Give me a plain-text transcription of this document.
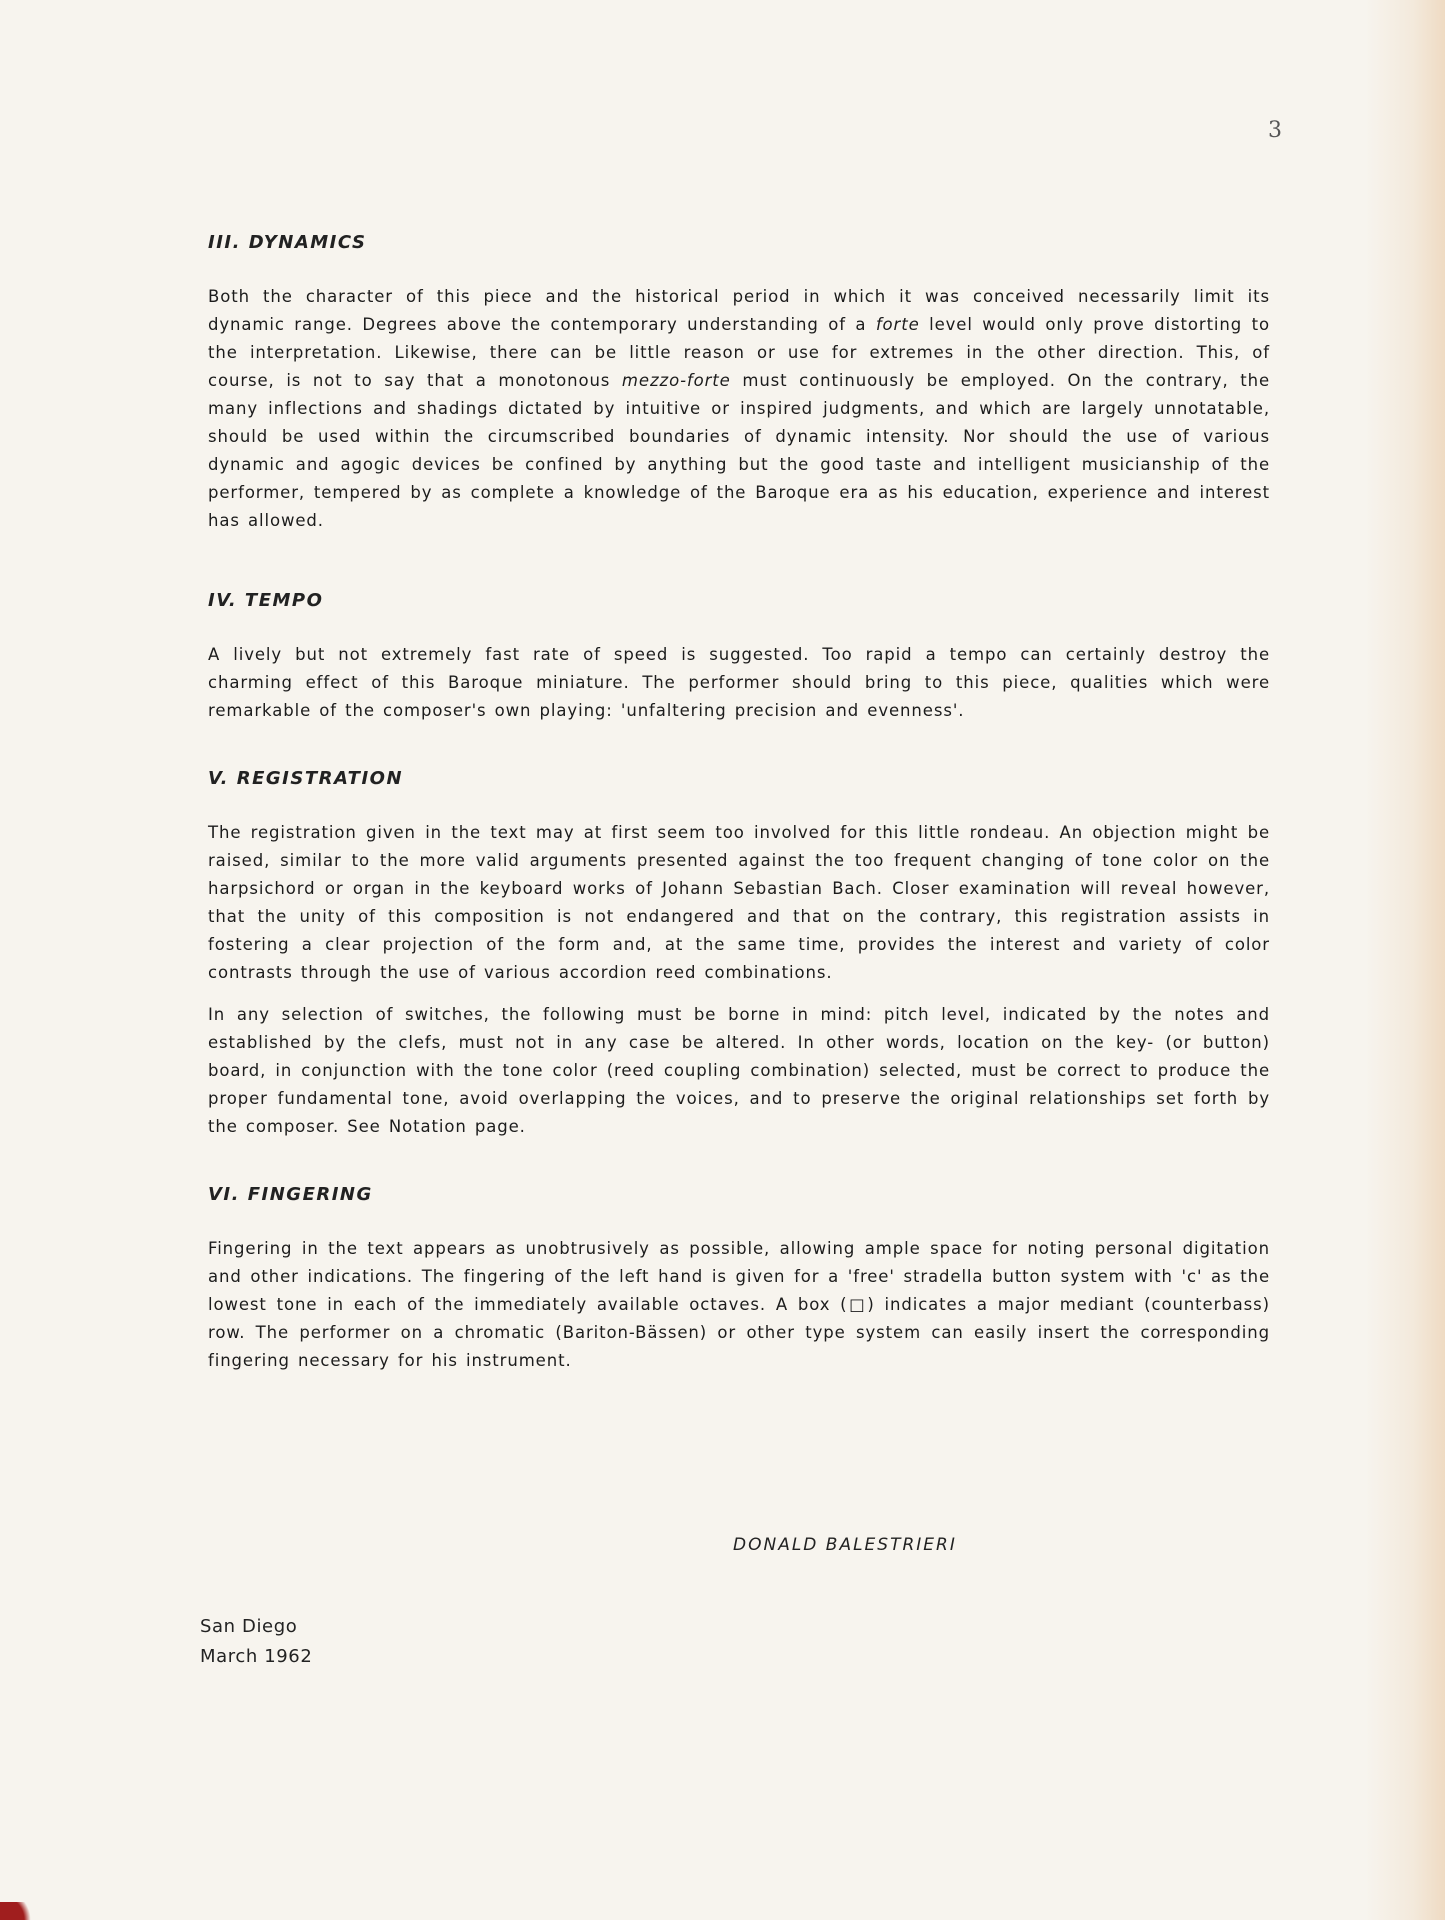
3
III. DYNAMICS

Both the character of this piece and the historical period in which it was conceived necessarily limit its dynamic range. Degrees above the contemporary understanding of a forte level would only prove distorting to the interpretation. Likewise, there can be little reason or use for extremes in the other direction. This, of course, is not to say that a monotonous mezzo-forte must continuously be employed. On the contrary, the many inflections and shadings dictated by intuitive or inspired judgments, and which are largely unnotatable, should be used within the circumscribed boundaries of dynamic intensity. Nor should the use of various dynamic and agogic devices be confined by anything but the good taste and intelligent musicianship of the performer, tempered by as complete a knowledge of the Baroque era as his education, experience and interest has allowed.

IV. TEMPO

A lively but not extremely fast rate of speed is suggested. Too rapid a tempo can certainly destroy the charming effect of this Baroque miniature. The performer should bring to this piece, qualities which were remarkable of the composer's own playing: 'unfaltering precision and evenness'.

V. REGISTRATION

The registration given in the text may at first seem too involved for this little rondeau. An objection might be raised, similar to the more valid arguments presented against the too frequent changing of tone color on the harpsichord or organ in the keyboard works of Johann Sebastian Bach. Closer examination will reveal however, that the unity of this composition is not endangered and that on the contrary, this registration assists in fostering a clear projection of the form and, at the same time, provides the interest and variety of color contrasts through the use of various accordion reed combinations.

In any selection of switches, the following must be borne in mind: pitch level, indicated by the notes and established by the clefs, must not in any case be altered. In other words, location on the key- (or button) board, in conjunction with the tone color (reed coupling combination) selected, must be correct to produce the proper fundamental tone, avoid overlapping the voices, and to preserve the original relationships set forth by the composer. See Notation page.

VI. FINGERING

Fingering in the text appears as unobtrusively as possible, allowing ample space for noting personal digitation and other indications. The fingering of the left hand is given for a 'free' stradella button system with 'c' as the lowest tone in each of the immediately available octaves. A box (□) indicates a major mediant (counterbass) row. The performer on a chromatic (Bariton-Bässen) or other type system can easily insert the corresponding fingering necessary for his instrument.

DONALD BALESTRIERI
San Diego
March 1962
